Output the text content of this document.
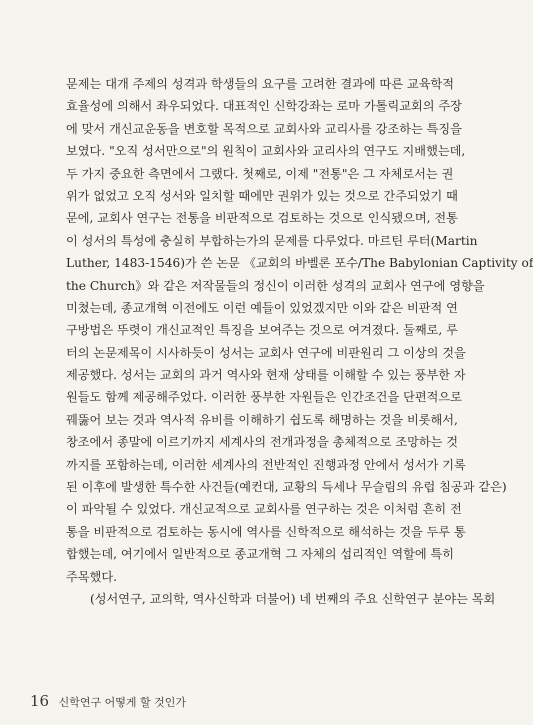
문제는 대개 주제의 성격과 학생들의 요구를 고려한 결과에 따른 교육학적
효율성에 의해서 좌우되었다. 대표적인 신학강좌는 로마 가톨릭교회의 주장
에 맞서 개신교운동을 변호할 목적으로 교회사와 교리사를 강조하는 특징을
보였다. "오직 성서만으로"의 원칙이 교회사와 교리사의 연구도 지배했는데,
두 가지 중요한 측면에서 그랬다. 첫째로, 이제 "전통"은 그 자체로서는 권
위가 없었고 오직 성서와 일치할 때에만 권위가 있는 것으로 간주되었기 때
문에, 교회사 연구는 전통을 비판적으로 검토하는 것으로 인식됐으며, 전통
이 성서의 특성에 충실히 부합하는가의 문제를 다루었다. 마르틴 루터(Martin
Luther, 1483-1546)가 쓴 논문 《교회의 바벨론 포수/The Babylonian Captivity of
the Church》와 같은 저작물들의 정신이 이러한 성격의 교회사 연구에 영향을
미쳤는데, 종교개혁 이전에도 이런 예들이 있었겠지만 이와 같은 비판적 연
구방법은 뚜렷이 개신교적인 특징을 보여주는 것으로 여겨졌다. 둘째로, 루
터의 논문제목이 시사하듯이 성서는 교회사 연구에 비판원리 그 이상의 것을
제공했다. 성서는 교회의 과거 역사와 현재 상태를 이해할 수 있는 풍부한 자
원들도 함께 제공해주었다. 이러한 풍부한 자원들은 인간조건을 단편적으로
꿰뚫어 보는 것과 역사적 유비를 이해하기 쉽도록 해명하는 것을 비롯해서,
창조에서 종말에 이르기까지 세계사의 전개과정을 총체적으로 조망하는 것
까지를 포함하는데, 이러한 세계사의 전반적인 진행과정 안에서 성서가 기록
된 이후에 발생한 특수한 사건들(예컨대, 교황의 득세나 무슬림의 유럽 침공과 같은)
이 파악될 수 있었다. 개신교적으로 교회사를 연구하는 것은 이처럼 흔히 전
통을 비판적으로 검토하는 동시에 역사를 신학적으로 해석하는 것을 두루 통
합했는데, 여기에서 일반적으로 종교개혁 그 자체의 섭리적인 역할에 특히
주목했다.
(성서연구, 교의학, 역사신학과 더불어) 네 번째의 주요 신학연구 분야는 목회
16 신학연구 어떻게 할 것인가
